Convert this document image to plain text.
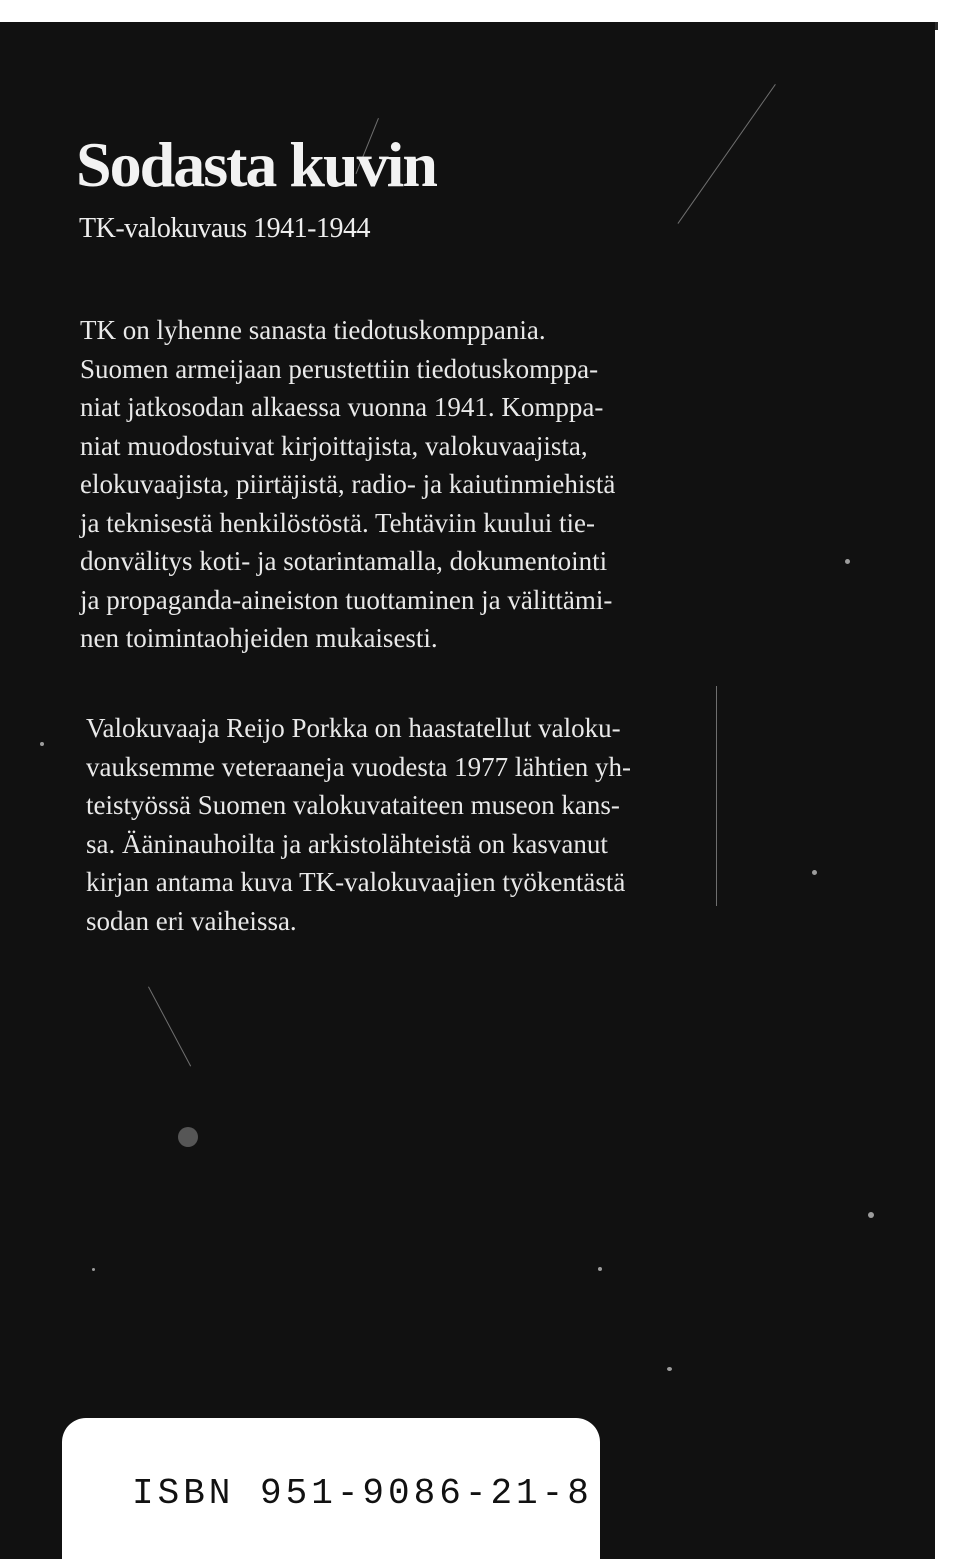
Sodasta kuvin

TK-valokuvaus 1941-1944

TK on lyhenne sanasta tiedotuskomppania.
Suomen armeijaan perustettiin tiedotuskomppa-
niat jatkosodan alkaessa vuonna 1941. Komppa-
niat muodostuivat kirjoittajista, valokuvaajista,
elokuvaajista, piirtäjistä, radio- ja kaiutinmiehistä
ja teknisestä henkilöstöstä. Tehtäviin kuului tie-
donvälitys koti- ja sotarintamalla, dokumentointi
ja propaganda-aineiston tuottaminen ja välittämi-
nen toimintaohjeiden mukaisesti.

Valokuvaaja Reijo Porkka on haastatellut valoku-
vauksemme veteraaneja vuodesta 1977 lähtien yh-
teistyössä Suomen valokuvataiteen museon kans-
sa. Ääninauhoilta ja arkistolähteistä on kasvanut
kirjan antama kuva TK-valokuvaajien työkentästä
sodan eri vaiheissa.

ISBN 951-9086-21-8
